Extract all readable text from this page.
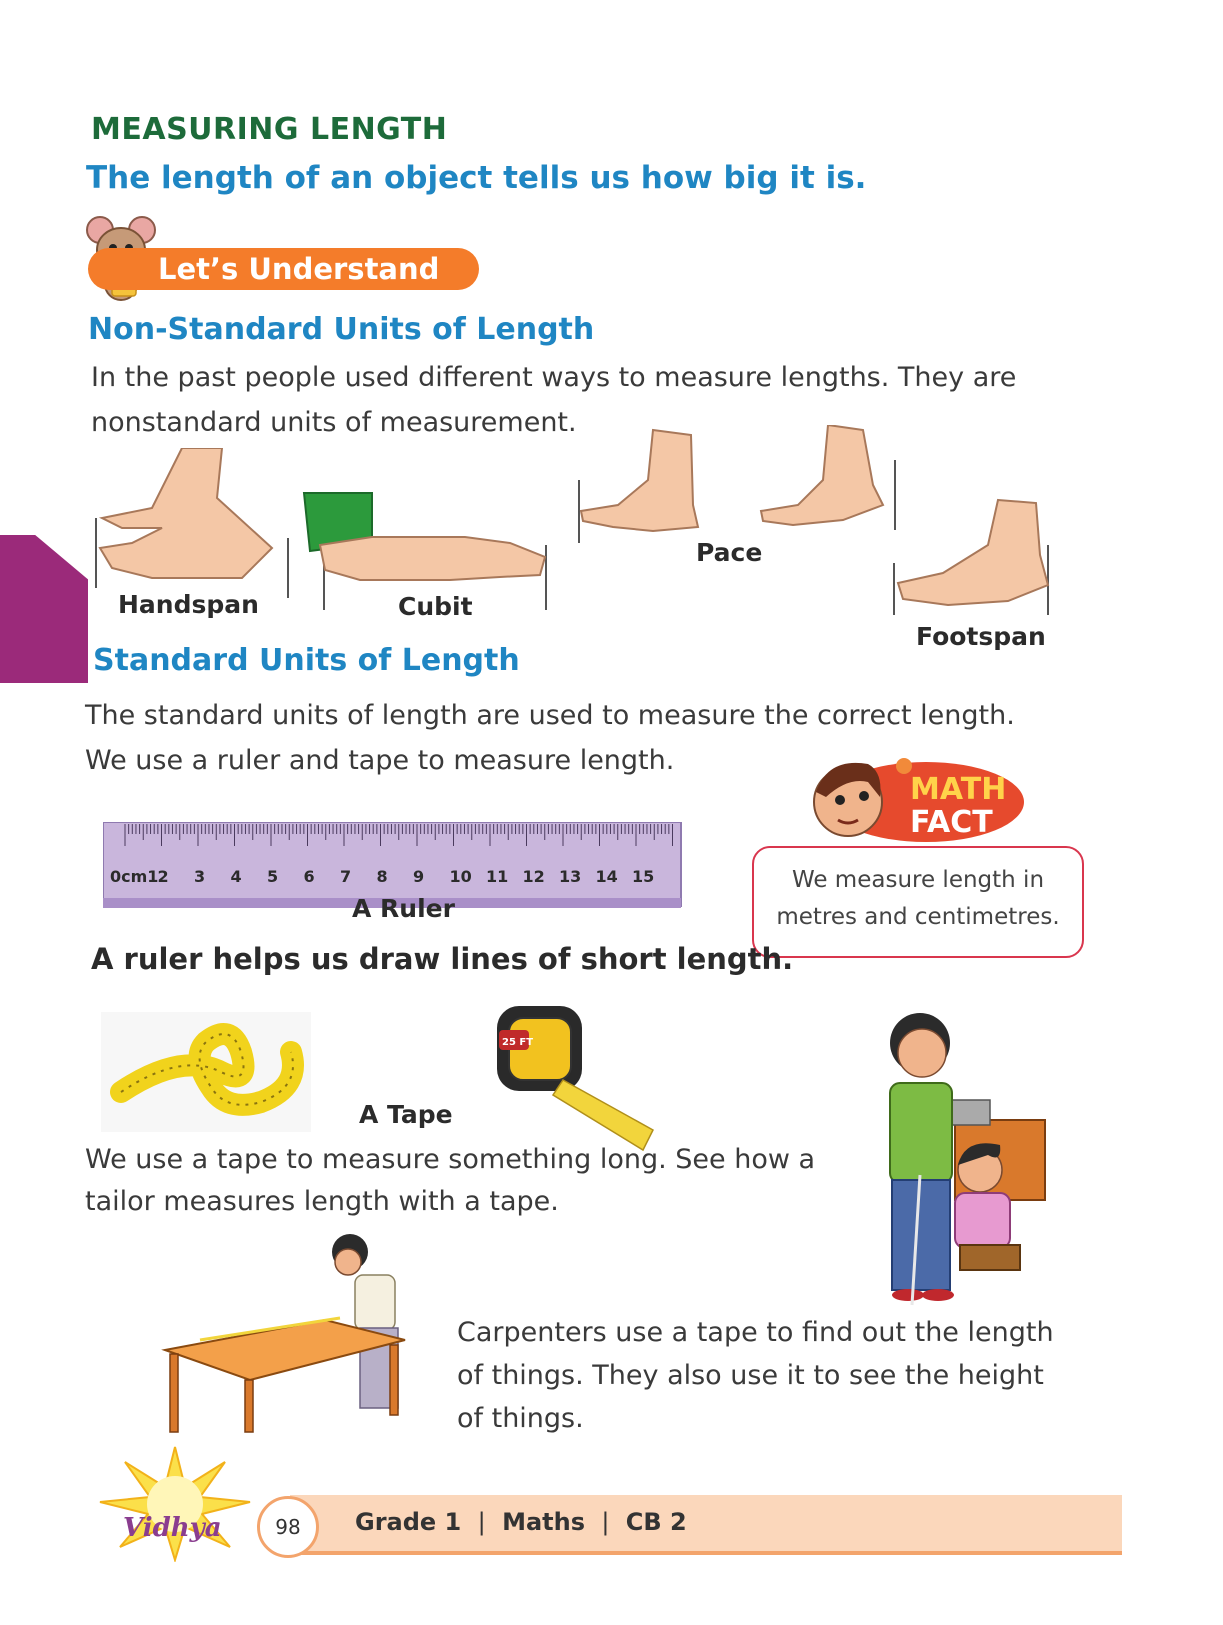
MEASURING LENGTH
The length of an object tells us how big it is.
Let’s Understand
Non-Standard Units of Length
In the past people used different ways to measure lengths. They are
nonstandard units of measurement.
Handspan	Cubit
Pace
Footspan
Standard Units of Length
The standard units of length are used to measure the correct length.
We use a ruler and tape to measure length.
0cm1 2 3 4 5 6 7 8 9 10 11 12 13 14 15
A Ruler
MATH
FACT
We measure length in
metres and centimetres.
A ruler helps us draw lines of short length.
25 FT
A Tape
We use a tape to measure something long. See how a
tailor measures length with a tape.
Carpenters use a tape to find out the length
of things. They also use it to see the height
of things.
Vidhya	98	Grade 1 | Maths | CB 2
